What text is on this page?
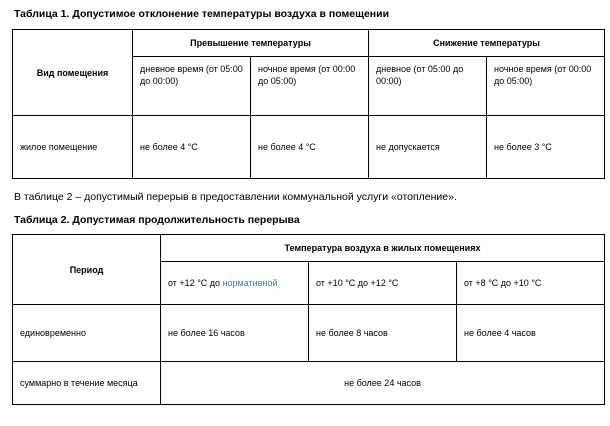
Таблица 1. Допустимое отклонение температуры воздуха в помещении
Вид помещения	Превышение температуры		Снижение температуры	
	дневное время (от 05:00 до 00:00)	ночное время (от 00:00 до 05:00)	дневное (от 05:00 до 00:00)	ночное время (от 00:00 до 05:00)
жилое помещение	не более 4 °С	не более 4 °С	не допускается	не более 3 °С
В таблице 2 – допустимый перерыв в предоставлении коммунальной услуги «отопление».
Таблица 2. Допустимая продолжительность перерыва
Период	Температура воздуха в жилых помещениях		
	от +12 °С до нормативной	от +10 °С до +12 °С	от +8 °С до +10 °С
единовременно	не более 16 часов	не более 8 часов	не более 4 часов
суммарно в течение месяца	не более 24 часов		
